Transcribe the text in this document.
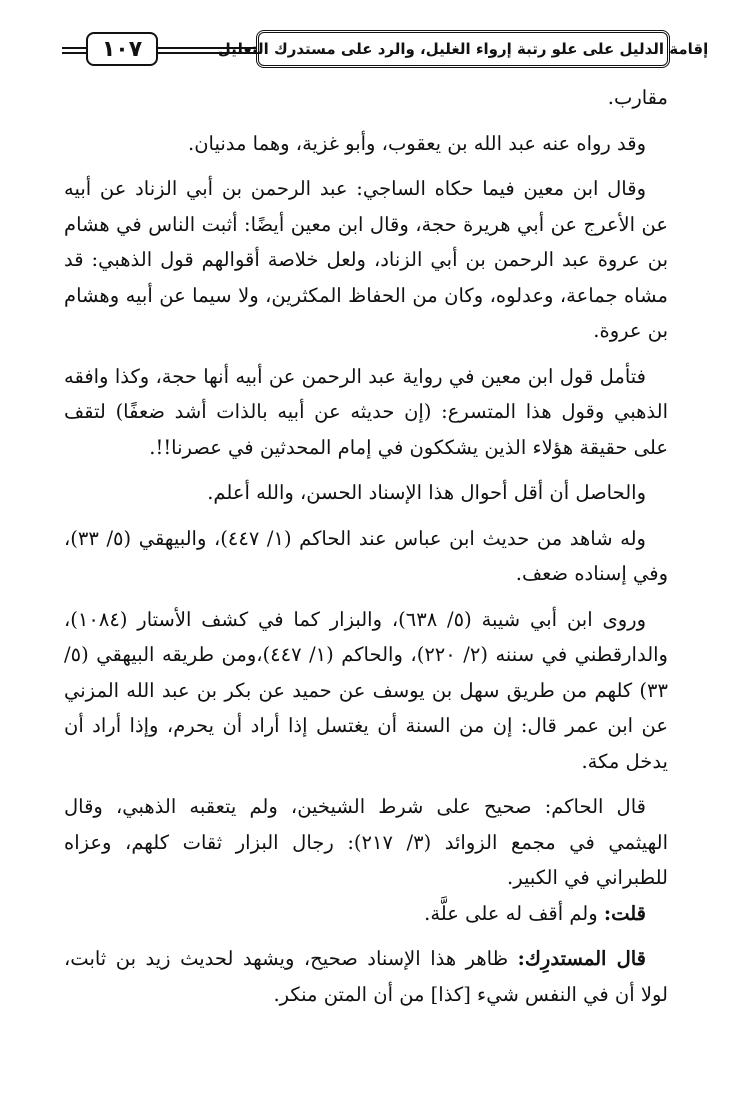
إقامة الدليل على علو رتبة إرواء الغليل، والرد على مستدرك التعليل
١٠٧

مقارب.

وقد رواه عنه عبد الله بن يعقوب، وأبو غزية، وهما مدنيان.

وقال ابن معين فيما حكاه الساجي: عبد الرحمن بن أبي الزناد عن أبيه عن الأعرج عن أبي هريرة حجة، وقال ابن معين أيضًا: أثبت الناس في هشام بن عروة عبد الرحمن بن أبي الزناد، ولعل خلاصة أقوالهم قول الذهبي: قد مشاه جماعة، وعدلوه، وكان من الحفاظ المكثرين، ولا سيما عن أبيه وهشام بن عروة.

فتأمل قول ابن معين في رواية عبد الرحمن عن أبيه أنها حجة، وكذا وافقه الذهبي وقول هذا المتسرع: (إن حديثه عن أبيه بالذات أشد ضعفًا) لتقف على حقيقة هؤلاء الذين يشككون في إمام المحدثين في عصرنا!!.

والحاصل أن أقل أحوال هذا الإسناد الحسن، والله أعلم.

وله شاهد من حديث ابن عباس عند الحاكم (١/ ٤٤٧)، والبيهقي (٥/ ٣٣)، وفي إسناده ضعف.

وروى ابن أبي شيبة (٥/ ٦٣٨)، والبزار كما في كشف الأستار (١٠٨٤)، والدارقطني في سننه (٢/ ٢٢٠)، والحاكم (١/ ٤٤٧)،ومن طريقه البيهقي (٥/ ٣٣) كلهم من طريق سهل بن يوسف عن حميد عن بكر بن عبد الله المزني عن ابن عمر قال: إن من السنة أن يغتسل إذا أراد أن يحرم، وإذا أراد أن يدخل مكة.

قال الحاكم: صحيح على شرط الشيخين، ولم يتعقبه الذهبي، وقال الهيثمي في مجمع الزوائد (٣/ ٢١٧): رجال البزار ثقات كلهم، وعزاه للطبراني في الكبير.

قلت: ولم أقف له على علَّة.

قال المستدرِك: ظاهر هذا الإسناد صحيح، ويشهد لحديث زيد بن ثابت، لولا أن في النفس شيء [كذا] من أن المتن منكر.
